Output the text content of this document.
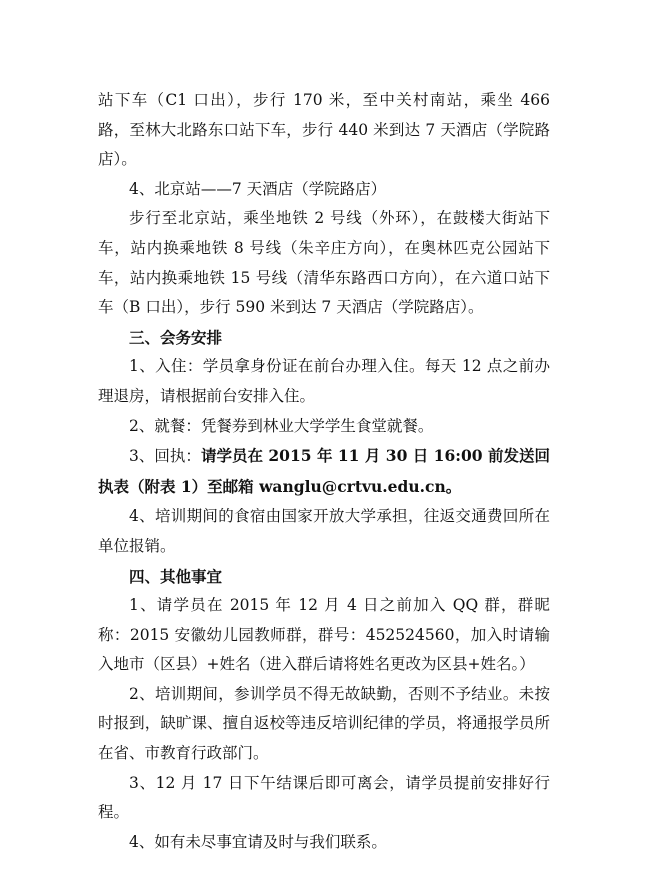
站下车（C1 口出），步行 170 米，至中关村南站，乘坐 466 路，至林大北路东口站下车，步行 440 米到达 7 天酒店（学院路店）。

4、北京站——7 天酒店（学院路店）

步行至北京站，乘坐地铁 2 号线（外环），在鼓楼大街站下车，站内换乘地铁 8 号线（朱辛庄方向），在奥林匹克公园站下车，站内换乘地铁 15 号线（清华东路西口方向），在六道口站下车（B 口出），步行 590 米到达 7 天酒店（学院路店）。

三、会务安排

1、入住：学员拿身份证在前台办理入住。每天 12 点之前办理退房，请根据前台安排入住。

2、就餐：凭餐券到林业大学学生食堂就餐。

3、回执：请学员在 2015 年 11 月 30 日 16:00 前发送回执表（附表 1）至邮箱 wanglu@crtvu.edu.cn。

4、培训期间的食宿由国家开放大学承担，往返交通费回所在单位报销。

四、其他事宜

1、请学员在 2015 年 12 月 4 日之前加入 QQ 群，群昵称：2015 安徽幼儿园教师群，群号：452524560，加入时请输入地市（区县）+姓名（进入群后请将姓名更改为区县+姓名。）

2、培训期间，参训学员不得无故缺勤，否则不予结业。未按时报到，缺旷课、擅自返校等违反培训纪律的学员，将通报学员所在省、市教育行政部门。

3、12 月 17 日下午结课后即可离会，请学员提前安排好行程。

4、如有未尽事宜请及时与我们联系。
